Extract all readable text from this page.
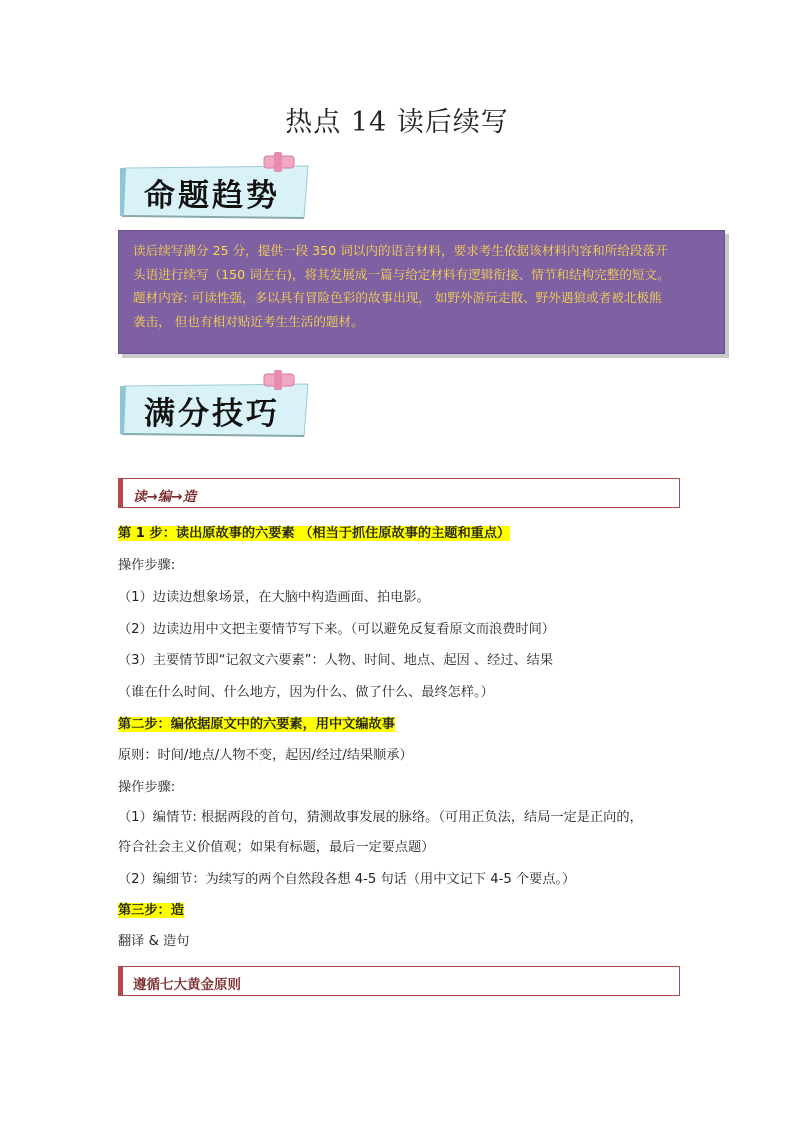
热点 14 读后续写
命题趋势

读后续写满分 25 分，提供一段 350 词以内的语言材料，要求考生依据该材料内容和所给段落开

头语进行续写（150 词左右)，将其发展成一篇与给定材料有逻辑衔接、情节和结构完整的短文。

题材内容: 可读性强，多以具有冒险色彩的故事出现， 如野外游玩走散、野外遇狼或者被北极熊

袭击， 但也有相对贴近考生生活的题材。

满分技巧
读→编→造
第 1 步：读出原故事的六要素 （相当于抓住原故事的主题和重点）
操作步骤:
（1）边读边想象场景，在大脑中构造画面、拍电影。
（2）边读边用中文把主要情节写下来。（可以避免反复看原文而浪费时间）
（3）主要情节即“记叙文六要素”：人物、时间、地点、起因 、经过、结果
（谁在什么时间、什么地方，因为什么、做了什么、最终怎样。）
第二步：编依据原文中的六要素，用中文编故事
原则：时间/地点/人物不变，起因/经过/结果顺承）
操作步骤:
（1）编情节: 根据两段的首句，猜测故事发展的脉络。（可用正负法，结局一定是正向的，
符合社会主义价值观；如果有标题，最后一定要点题）
（2）编细节：为续写的两个自然段各想 4-5 句话（用中文记下 4-5 个要点。）
第三步：造
翻译 & 造句
遵循七大黄金原则
